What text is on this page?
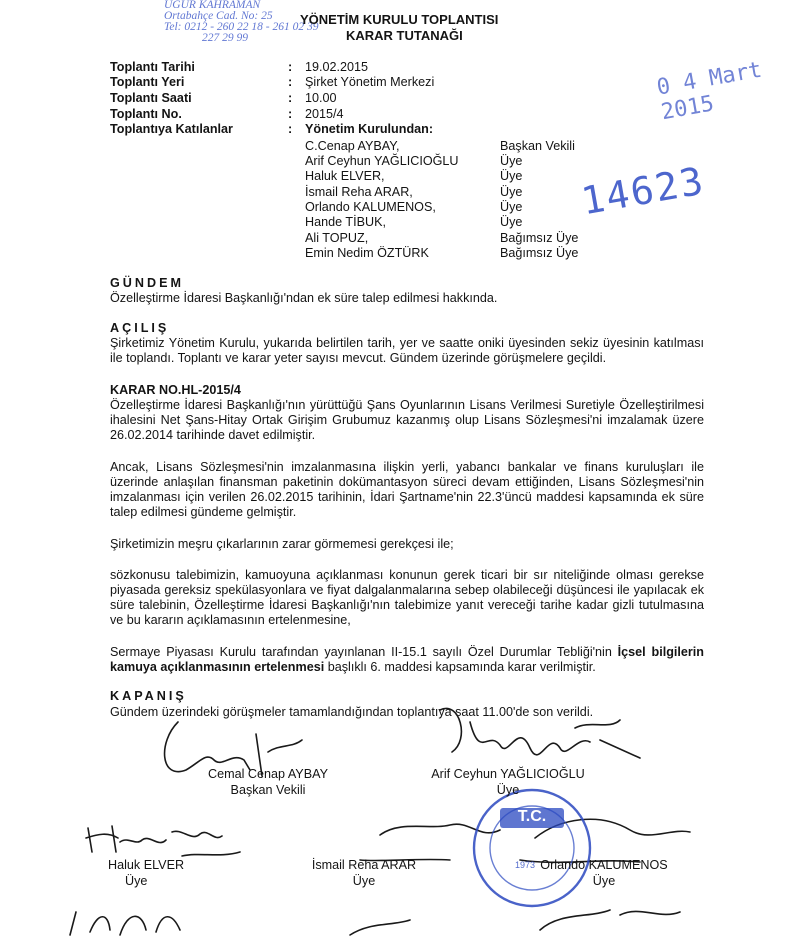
UĞUR KAHRAMAN
Ortabahçe Cad. No: 25
Tel: 0212 - 260 22 18 - 261 02 39
227 29 99
YÖNETİM KURULU TOPLANTISI
KARAR TUTANAĞI
Toplantı Tarihi	: 19.02.2015
Toplantı Yeri	: Şirket Yönetim Merkezi
Toplantı Saati	: 10.00
Toplantı No.	: 2015/4
Toplantıya Katılanlar	: Yönetim Kurulundan:
C.Cenap AYBAY,	Başkan Vekili
Arif Ceyhun YAĞLICIOĞLU	Üye
Haluk ELVER,	Üye
İsmail Reha ARAR,	Üye
Orlando KALUMENOS,	Üye
Hande TİBUK,	Üye
Ali TOPUZ,	Bağımsız Üye
Emin Nedim ÖZTÜRK	Bağımsız Üye
0 4 Mart 2015
14623
GÜNDEM
Özelleştirme İdaresi Başkanlığı'ndan ek süre talep edilmesi hakkında.
AÇILIŞ
Şirketimiz Yönetim Kurulu, yukarıda belirtilen tarih, yer ve saatte oniki üyesinden sekiz üyesinin katılması ile toplandı. Toplantı ve karar yeter sayısı mevcut. Gündem üzerinde görüşmelere geçildi.
KARAR NO.HL-2015/4
Özelleştirme İdaresi Başkanlığı'nın yürüttüğü Şans Oyunlarının Lisans Verilmesi Suretiyle Özelleştirilmesi ihalesini Net Şans-Hitay Ortak Girişim Grubumuz kazanmış olup Lisans Sözleşmesi'ni imzalamak üzere 26.02.2014 tarihinde davet edilmiştir.
Ancak, Lisans Sözleşmesi'nin imzalanmasına ilişkin yerli, yabancı bankalar ve finans kuruluşları ile üzerinde anlaşılan finansman paketinin dokümantasyon süreci devam ettiğinden, Lisans Sözleşmesi'nin imzalanması için verilen 26.02.2015 tarihinin, İdari Şartname'nin 22.3'üncü maddesi kapsamında ek süre talep edilmesi gündeme gelmiştir.
Şirketimizin meşru çıkarlarının zarar görmemesi gerekçesi ile;
sözkonusu talebimizin, kamuoyuna açıklanması konunun gerek ticari bir sır niteliğinde olması gerekse piyasada gereksiz spekülasyonlara ve fiyat dalgalanmalarına sebep olabileceği düşüncesi ile yapılacak ek süre talebinin, Özelleştirme İdaresi Başkanlığı'nın talebimize yanıt vereceği tarihe kadar gizli tutulmasına ve bu kararın açıklamasının ertelenmesine,
Sermaye Piyasası Kurulu tarafından yayınlanan II-15.1 sayılı Özel Durumlar Tebliği'nin İçsel bilgilerin kamuya açıklanmasının ertelenmesi başlıklı 6. maddesi kapsamında karar verilmiştir.
KAPANIŞ
Gündem üzerindeki görüşmeler tamamlandığından toplantıya saat 11.00'de son verildi.
T.C.
1973
Cemal Cenap AYBAY
Başkan Vekili
Arif Ceyhun YAĞLICIOĞLU
Üye
Haluk ELVER
Üye
İsmail Reha ARAR
Üye
Orlando KALUMENOS
Üye
